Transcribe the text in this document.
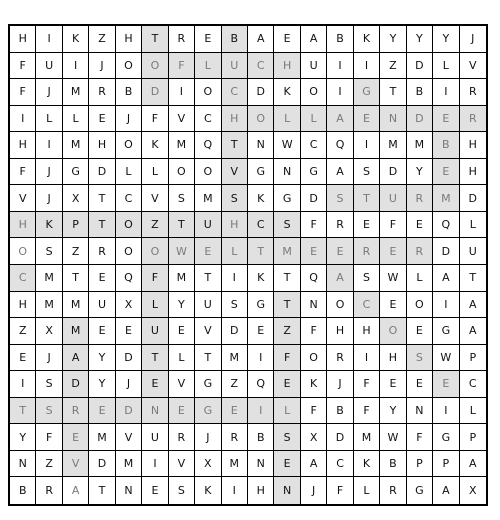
H	I	K	Z	H	T	R	E	B	A	E	A	B	K	Y	Y	Y	J
F	U	I	J	O	O	F	L	U	C	H	U	I	I	Z	D	L	V
F	J	M	R	B	D	I	O	C	D	K	O	I	G	T	B	I	R
I	L	L	E	J	F	V	C	H	O	L	L	A	E	N	D	E	R
H	I	M	H	O	K	M	Q	T	N	W	C	Q	I	M	M	B	H
F	J	G	D	L	L	O	O	V	G	N	G	A	S	D	Y	E	H
V	J	X	T	C	V	S	M	S	K	G	D	S	T	U	R	M	D
H	K	P	T	O	Z	T	U	H	C	S	F	R	E	F	E	Q	L
O	S	Z	R	O	O	W	E	L	T	M	E	E	R	E	R	D	U
C	M	T	E	Q	F	M	T	I	K	T	Q	A	S	W	L	A	T
H	M	M	U	X	L	Y	U	S	G	T	N	O	C	E	O	I	A
Z	X	M	E	E	U	E	V	D	E	Z	F	H	H	O	E	G	A
E	J	A	Y	D	T	L	T	M	I	F	O	R	I	H	S	W	P
I	S	D	Y	J	E	V	G	Z	Q	E	K	J	F	E	E	E	C
T	S	R	E	D	N	E	G	E	I	L	F	B	F	Y	N	I	L
Y	F	E	M	V	U	R	J	R	B	S	X	D	M	W	F	G	P
N	Z	V	D	M	I	V	X	M	N	E	A	C	K	B	P	P	A
B	R	A	T	N	E	S	K	I	H	N	J	F	L	R	G	A	X
